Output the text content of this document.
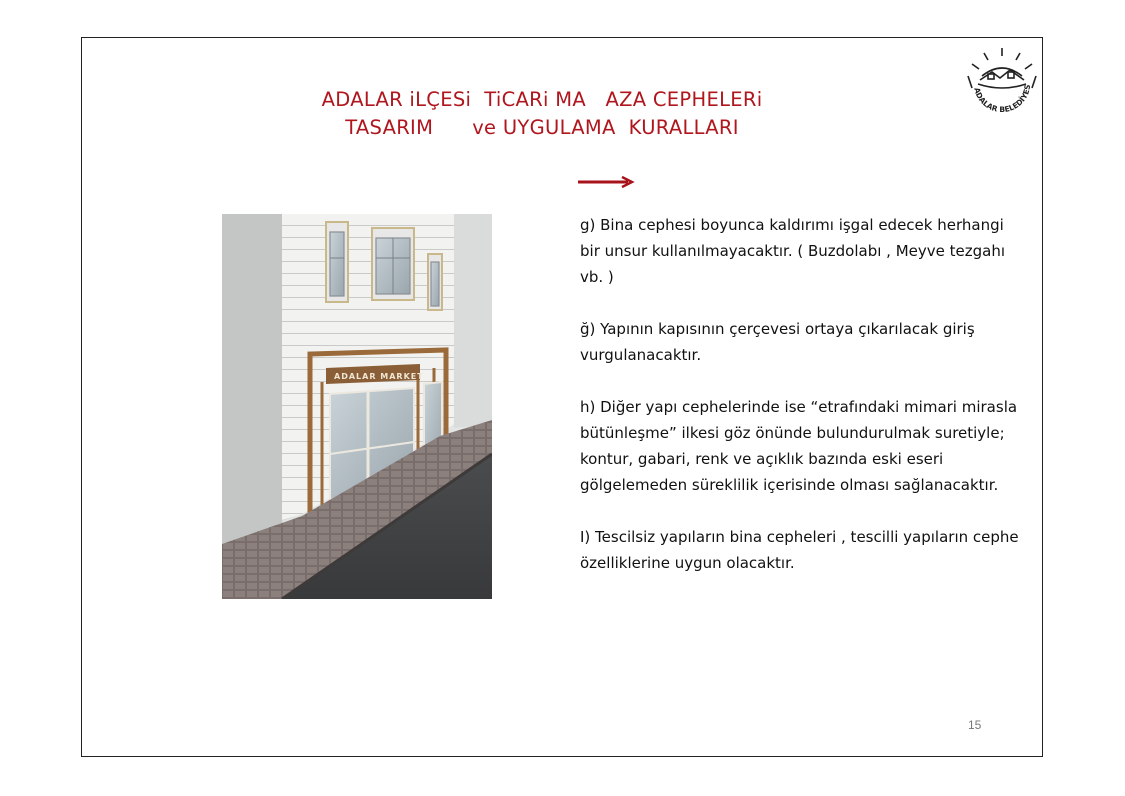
ADALAR iLÇESi  TiCARi MA   AZA CEPHELERi
TASARIM      ve UYGULAMA  KURALLARI
ADALAR BELEDİYES
ADALAR MARKET

g) Bina cephesi boyunca kaldırımı işgal edecek herhangi bir unsur kullanılmayacaktır. ( Buzdolabı , Meyve tezgahı vb. )

ğ) Yapının kapısının çerçevesi ortaya çıkarılacak giriş vurgulanacaktır.

h) Diğer yapı cephelerinde ise “etrafındaki mimari mirasla bütünleşme” ilkesi göz önünde bulundurulmak suretiyle; kontur, gabari, renk ve açıklık bazında eski eseri gölgelemeden süreklilik içerisinde olması sağlanacaktır.

I) Tescilsiz yapıların bina cepheleri , tescilli yapıların cephe özelliklerine uygun olacaktır.

15
